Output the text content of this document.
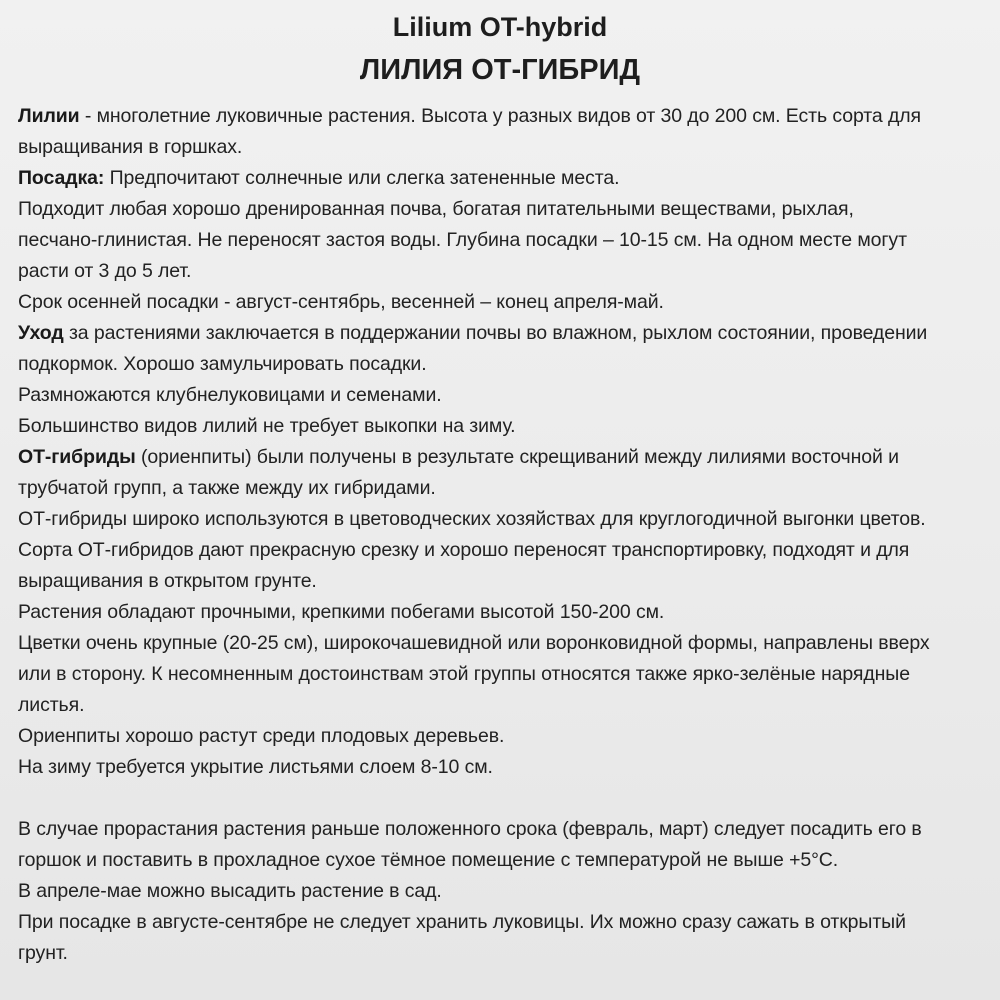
Lilium OT-hybrid
ЛИЛИЯ ОТ-ГИБРИД
Лилии - многолетние луковичные растения. Высота у разных видов от 30 до 200 см. Есть сорта для
выращивания в горшках.
Посадка: Предпочитают солнечные или слегка затененные места.
Подходит любая хорошо дренированная почва, богатая питательными веществами, рыхлая,
песчано-глинистая. Не переносят застоя воды. Глубина посадки – 10-15 см. На одном месте могут
расти от 3 до 5 лет.
Срок осенней посадки - август-сентябрь, весенней – конец апреля-май.
Уход за растениями заключается в поддержании почвы во влажном, рыхлом состоянии, проведении
подкормок. Хорошо замульчировать посадки.
Размножаются клубнелуковицами и семенами.
Большинство видов лилий не требует выкопки на зиму.
ОТ-гибриды (ориенпиты) были получены в результате скрещиваний между лилиями восточной и
трубчатой групп, а также между их гибридами.
ОТ-гибриды широко используются в цветоводческих хозяйствах для круглогодичной выгонки цветов.
Сорта ОТ-гибридов дают прекрасную срезку и хорошо переносят транспортировку, подходят и для
выращивания в открытом грунте.
Растения обладают прочными, крепкими побегами высотой 150-200 см.
Цветки очень крупные (20-25 см), широкочашевидной или воронковидной формы, направлены вверх
или в сторону. К несомненным достоинствам этой группы относятся также ярко-зелёные нарядные
листья.
Ориенпиты хорошо растут среди плодовых деревьев.
На зиму требуется укрытие листьями слоем 8-10 см.
В случае прорастания растения раньше положенного срока (февраль, март) следует посадить его в
горшок и поставить в прохладное сухое тёмное помещение с температурой не выше +5°С.
В апреле-мае можно высадить растение в сад.
При посадке в августе-сентябре не следует хранить луковицы. Их можно сразу сажать в открытый
грунт.
